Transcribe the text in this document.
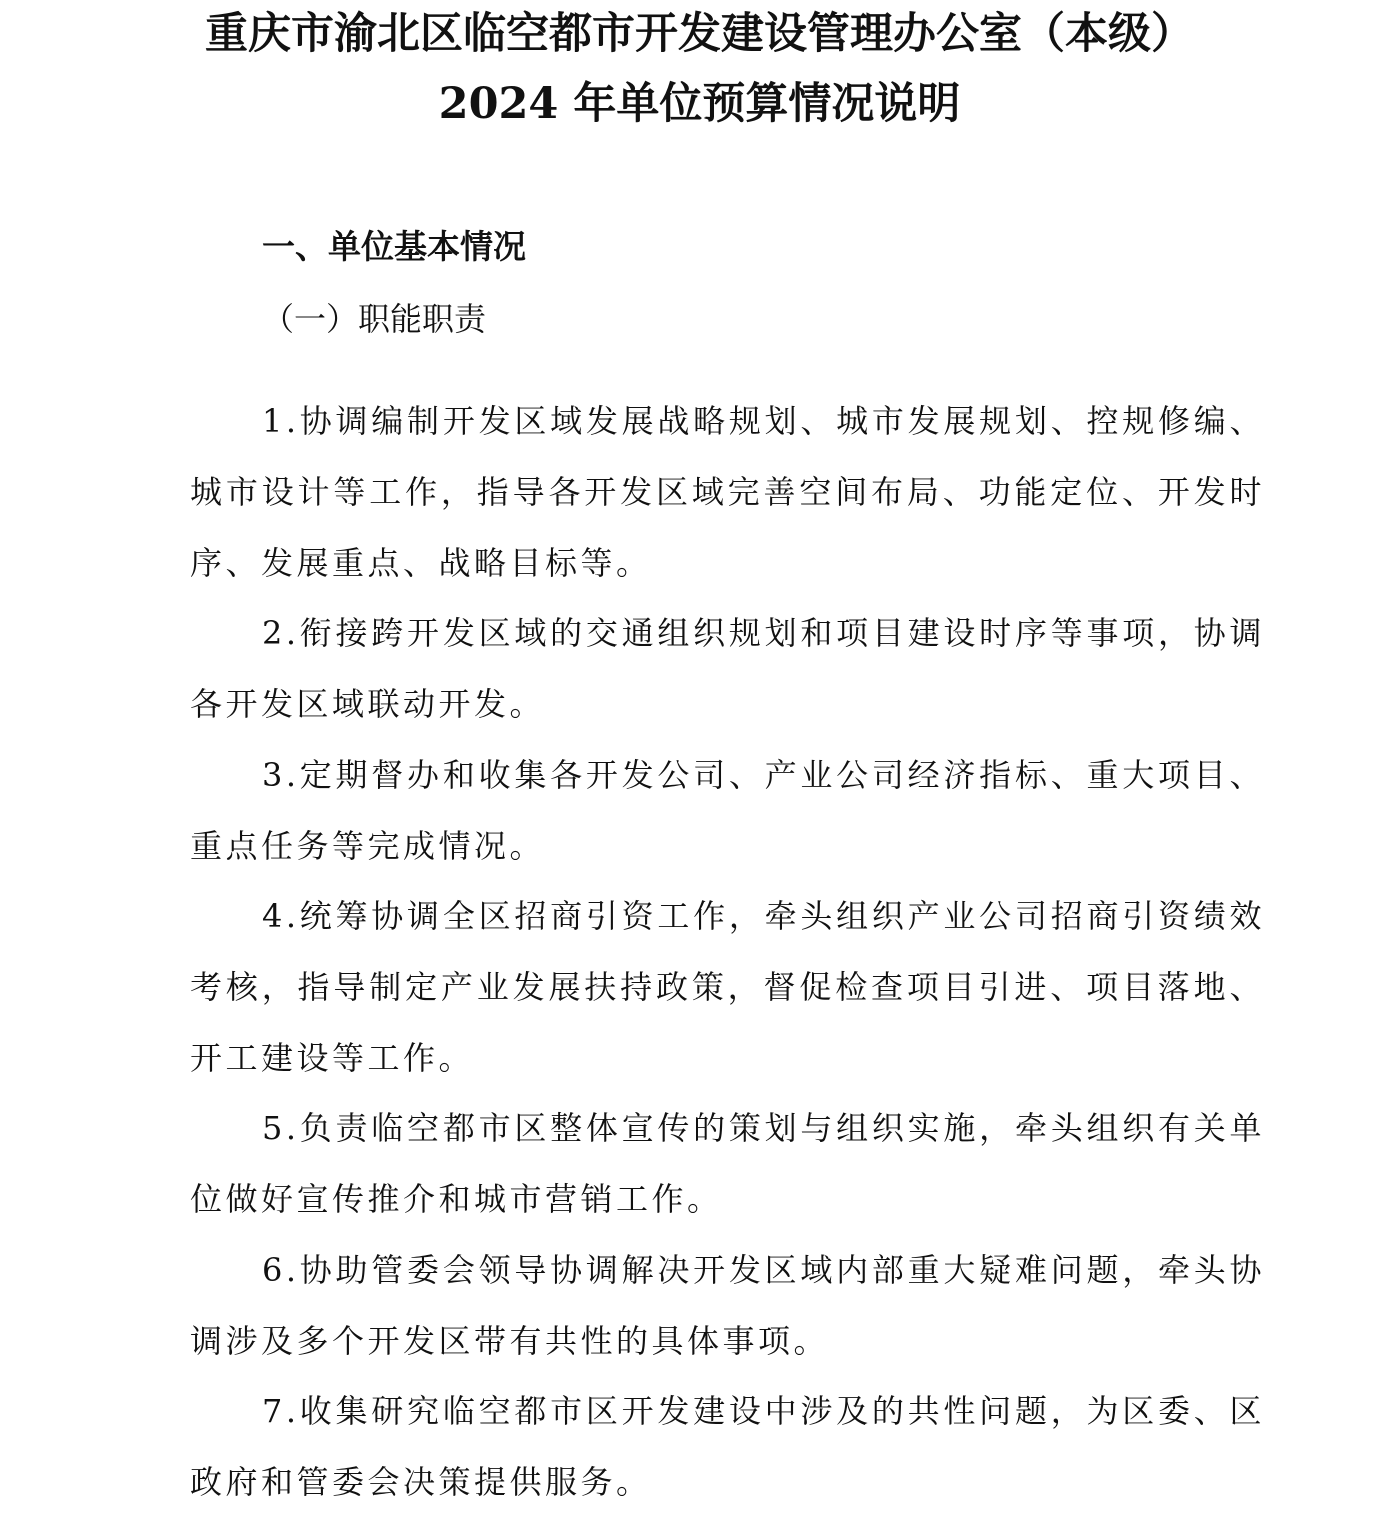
重庆市渝北区临空都市开发建设管理办公室（本级）
2024 年单位预算情况说明
一、单位基本情况
（一）职能职责

1.协调编制开发区域发展战略规划、城市发展规划、控规修编、城市设计等工作，指导各开发区域完善空间布局、功能定位、开发时序、发展重点、战略目标等。

2.衔接跨开发区域的交通组织规划和项目建设时序等事项，协调各开发区域联动开发。

3.定期督办和收集各开发公司、产业公司经济指标、重大项目、重点任务等完成情况。

4.统筹协调全区招商引资工作，牵头组织产业公司招商引资绩效考核，指导制定产业发展扶持政策，督促检查项目引进、项目落地、开工建设等工作。

5.负责临空都市区整体宣传的策划与组织实施，牵头组织有关单位做好宣传推介和城市营销工作。

6.协助管委会领导协调解决开发区域内部重大疑难问题，牵头协调涉及多个开发区带有共性的具体事项。

7.收集研究临空都市区开发建设中涉及的共性问题，为区委、区政府和管委会决策提供服务。
